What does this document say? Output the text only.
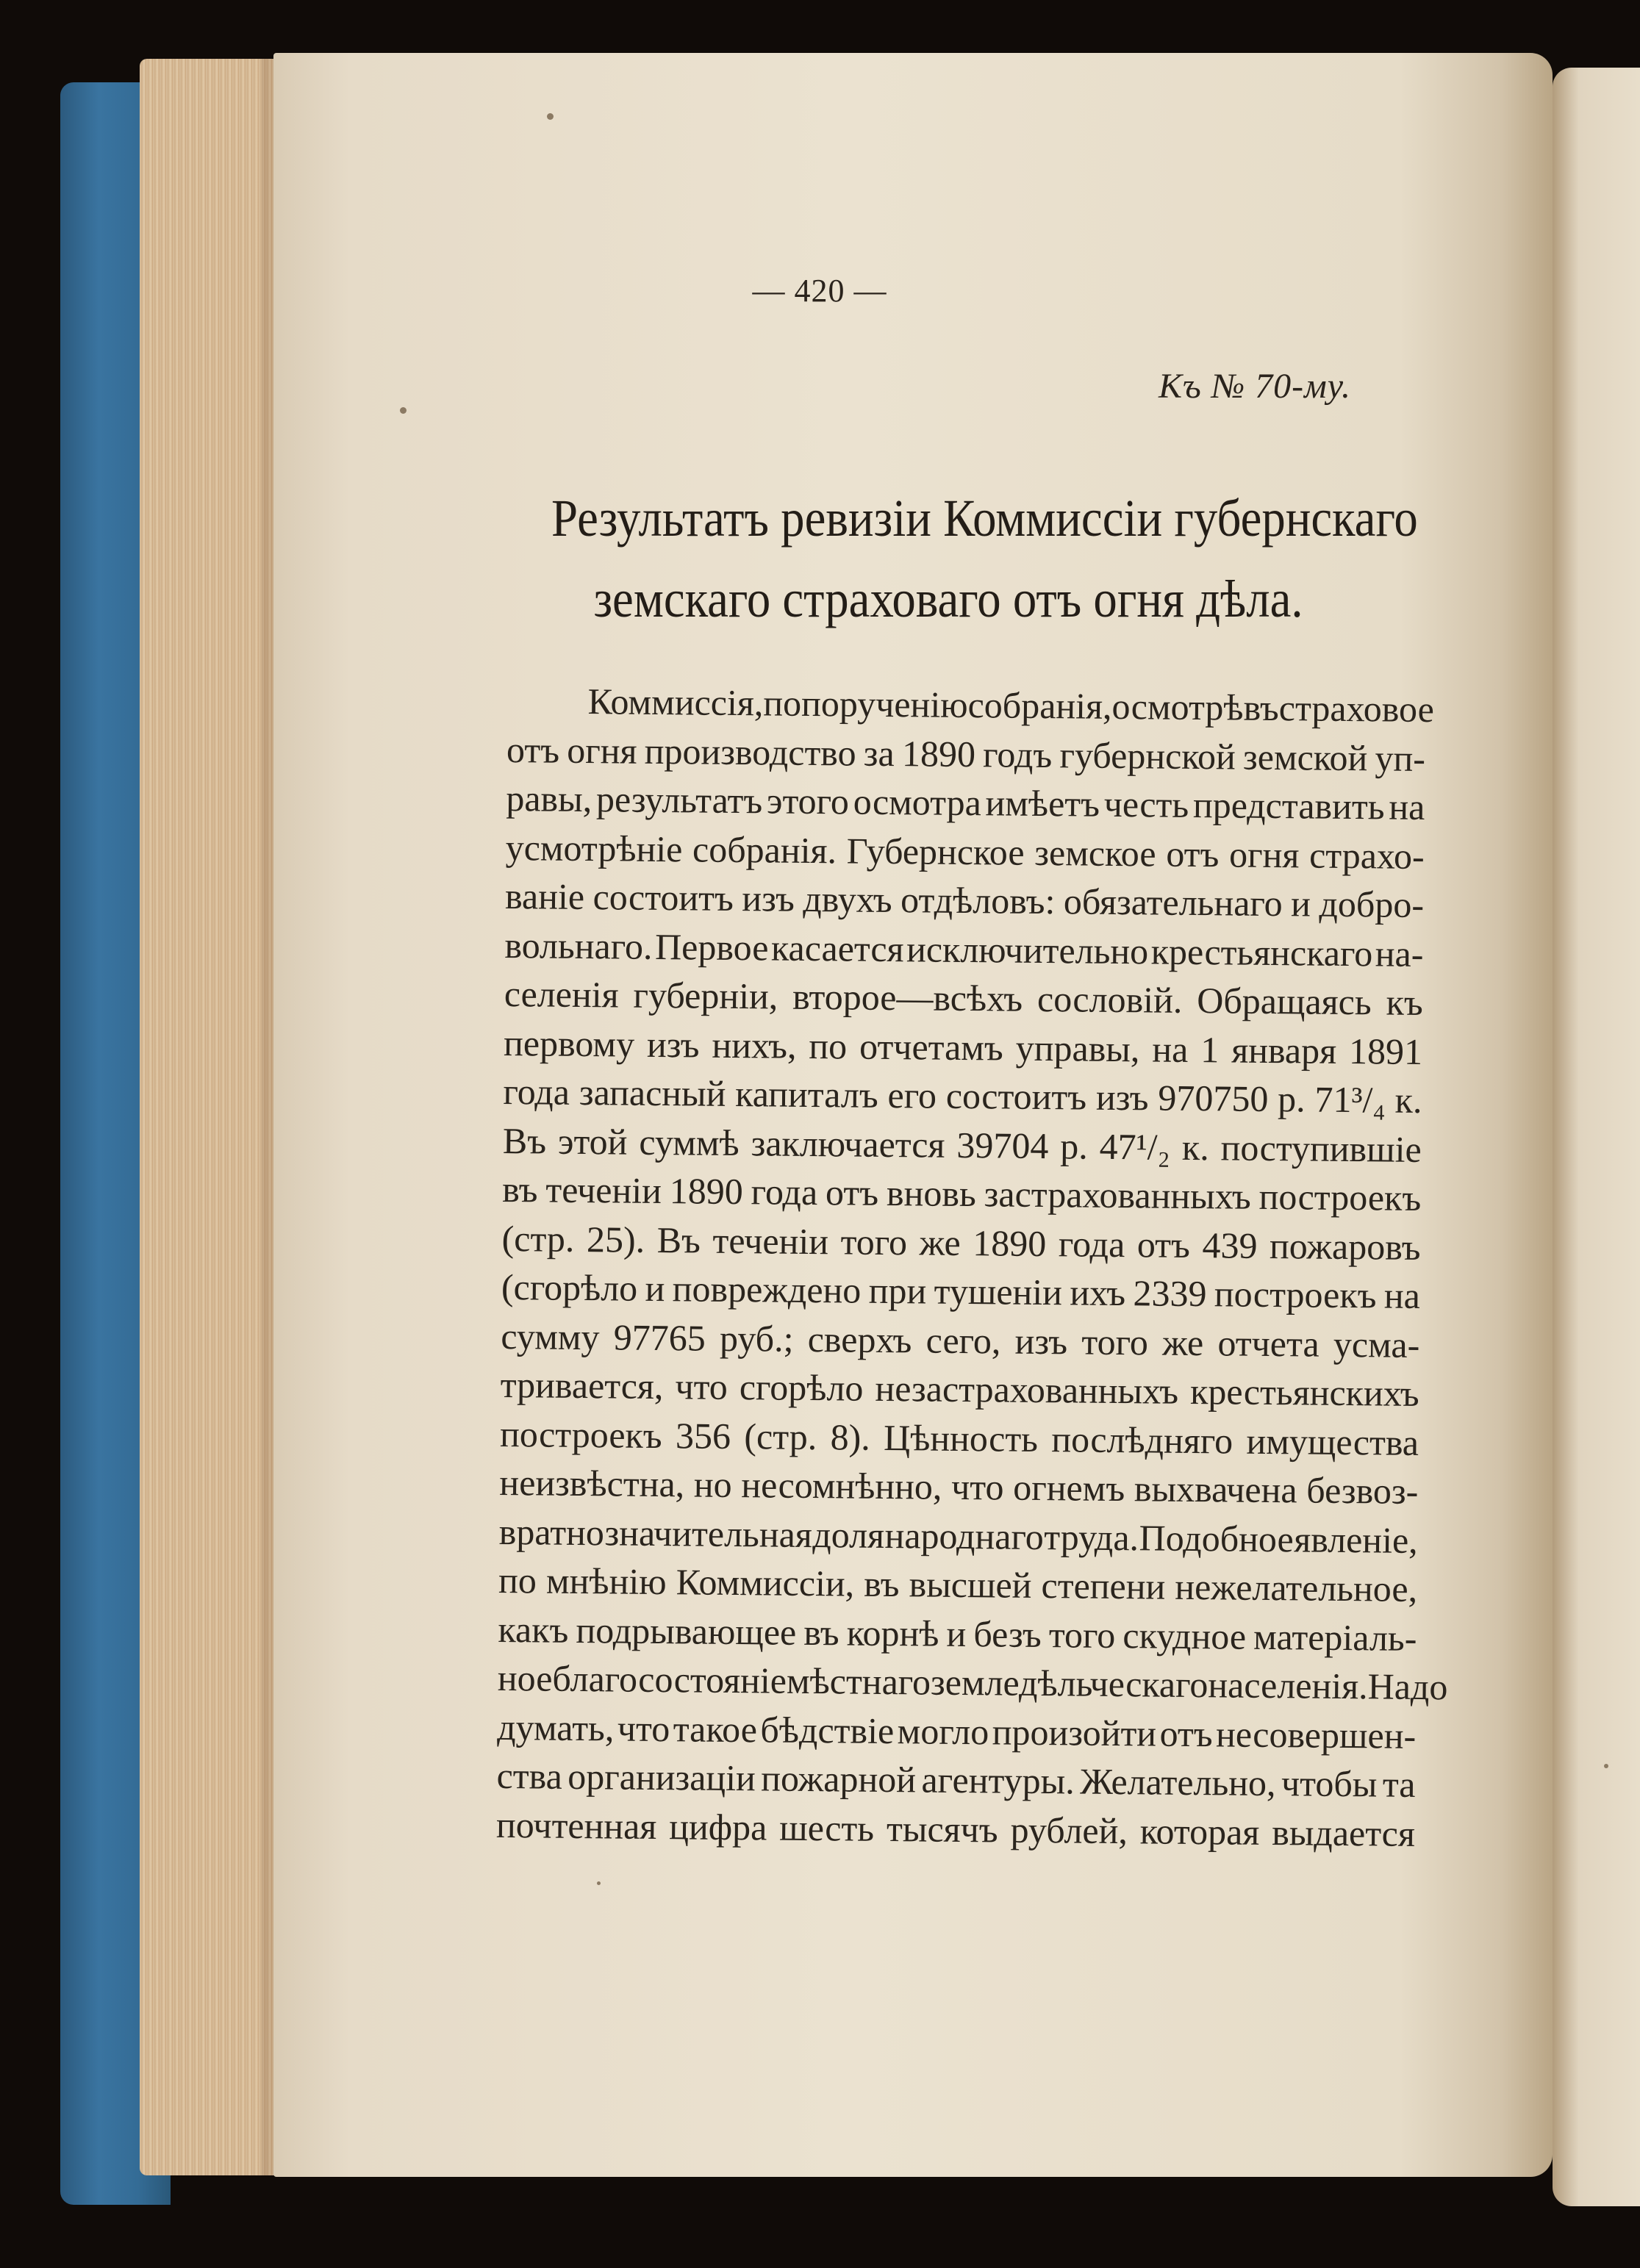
— 420 —
Къ № 70-му.
Результатъ ревизіи Коммиссіи губернскаго
земскаго страховаго отъ огня дѣла.
Коммиссія, по порученію собранія, осмотрѣвъ страховое
отъ огня производство за 1890 годъ губернской земской уп-
равы, результатъ этого осмотра имѣетъ честь представить на
усмотрѣніе собранія. Губернское земское отъ огня страхо-
ваніе состоитъ изъ двухъ отдѣловъ: обязательнаго и добро-
вольнаго. Первое касается исключительно крестьянскаго на-
селенія губерніи, второе—всѣхъ сословій. Обращаясь къ
первому изъ нихъ, по отчетамъ управы, на 1 января 1891
года запасный капиталъ его состоитъ изъ 970750 р. 71³/₄ к.
Въ этой суммѣ заключается 39704 р. 47¹/₂ к. поступившіе
въ теченіи 1890 года отъ вновь застрахованныхъ построекъ
(стр. 25). Въ теченіи того же 1890 года отъ 439 пожаровъ
(сгорѣло и повреждено при тушеніи ихъ 2339 построекъ на
сумму 97765 руб.; сверхъ сего, изъ того же отчета усма-
тривается, что сгорѣло незастрахованныхъ крестьянскихъ
построекъ 356 (стр. 8). Цѣнность послѣдняго имущества
неизвѣстна, но несомнѣнно, что огнемъ выхвачена безвоз-
вратно значительная доля народнаго труда. Подобное явленіе,
по мнѣнію Коммиссіи, въ высшей степени нежелательное,
какъ подрывающее въ корнѣ и безъ того скудное матеріаль-
ное благосостояніе мѣстнаго земледѣльческаго населенія. Надо
думать, что такое бѣдствіе могло произойти отъ несовершен-
ства организаціи пожарной агентуры. Желательно, чтобы та
почтенная цифра шесть тысячъ рублей, которая выдается
